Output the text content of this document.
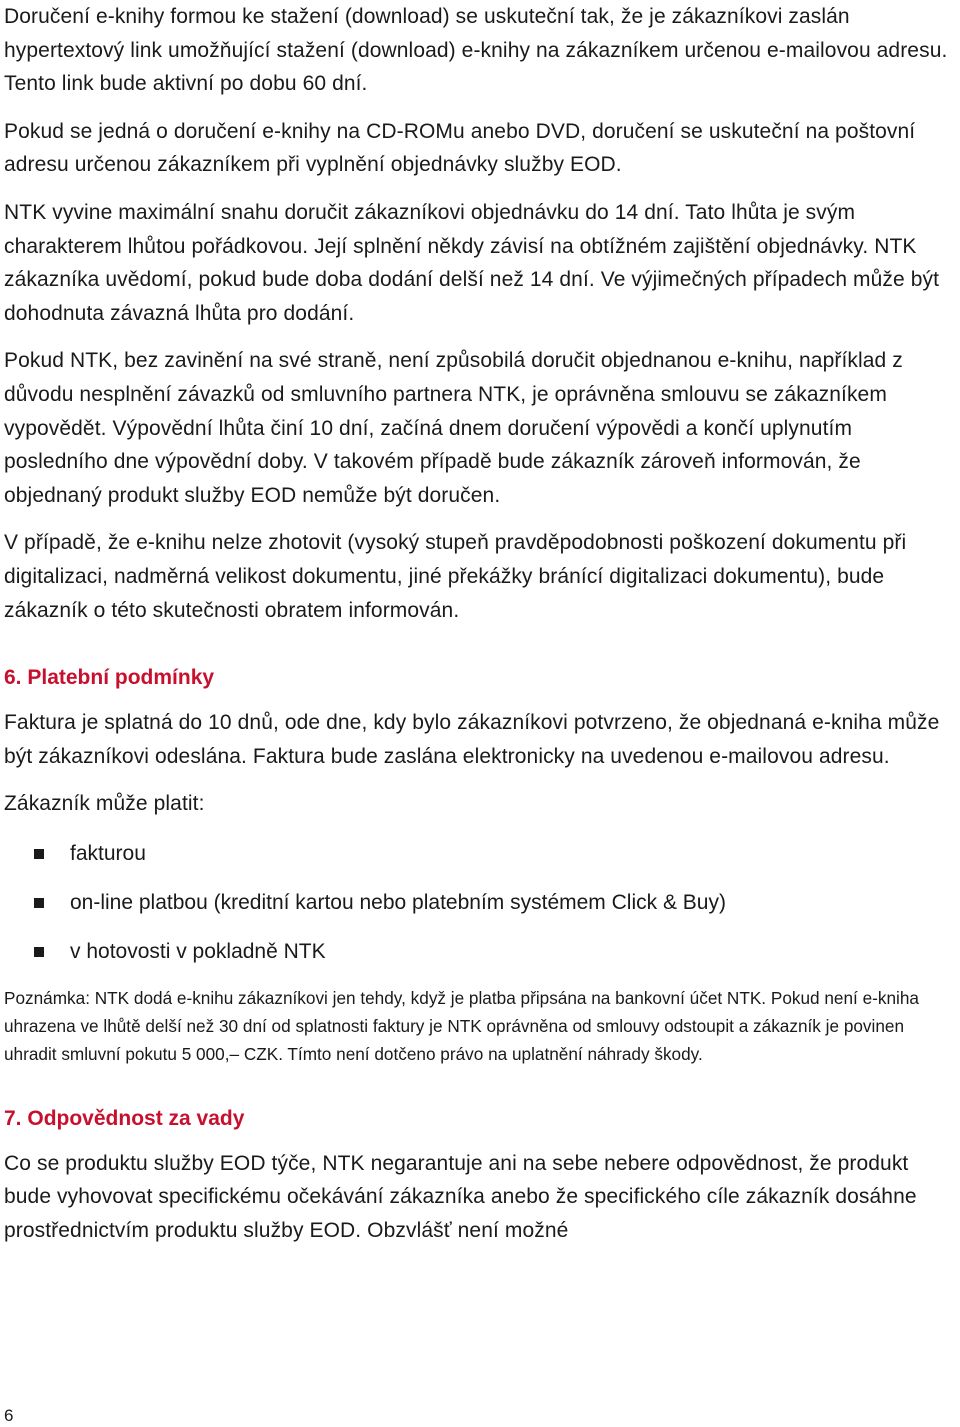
Doručení e-knihy formou ke stažení (download) se uskuteční tak, že je zákazníkovi zaslán hypertextový link umožňující stažení (download) e-knihy na zákazníkem určenou e-mailovou adresu. Tento link bude aktivní po dobu 60 dní.

Pokud se jedná o doručení e-knihy na CD-ROMu anebo DVD, doručení se uskuteční na poštovní adresu určenou zákazníkem při vyplnění objednávky služby EOD.

NTK vyvine maximální snahu doručit zákazníkovi objednávku do 14 dní. Tato lhůta je svým charakterem lhůtou pořádkovou. Její splnění někdy závisí na obtížném zajištění objednávky. NTK zákazníka uvědomí, pokud bude doba dodání delší než 14 dní. Ve výjimečných případech může být dohodnuta závazná lhůta pro dodání.

Pokud NTK, bez zavinění na své straně, není způsobilá doručit objednanou e-knihu, například z důvodu nesplnění závazků od smluvního partnera NTK, je oprávněna smlouvu se zákazníkem vypovědět. Výpovědní lhůta činí 10 dní, začíná dnem doručení výpovědi a končí uplynutím posledního dne výpovědní doby. V takovém případě bude zákazník zároveň informován, že objednaný produkt služby EOD nemůže být doručen.

V případě, že e-knihu nelze zhotovit (vysoký stupeň pravděpodobnosti poškození dokumentu při digitalizaci, nadměrná velikost dokumentu, jiné překážky bránící digitalizaci dokumentu), bude zákazník o této skutečnosti obratem informován.

6. Platební podmínky

Faktura je splatná do 10 dnů, ode dne, kdy bylo zákazníkovi potvrzeno, že objednaná e-kniha může být zákazníkovi odeslána. Faktura bude zaslána elektronicky na uvedenou e-mailovou adresu.

Zákazník může platit:

fakturou
on-line platbou (kreditní kartou nebo platebním systémem Click & Buy)
v hotovosti v pokladně NTK

Poznámka: NTK dodá e-knihu zákazníkovi jen tehdy, když je platba připsána na bankovní účet NTK. Pokud není e-kniha uhrazena ve lhůtě delší než 30 dní od splatnosti faktury je NTK oprávněna od smlouvy odstoupit a zákazník je povinen uhradit smluvní pokutu 5 000,– CZK. Tímto není dotčeno právo na uplatnění náhrady škody.

7. Odpovědnost za vady

Co se produktu služby EOD týče, NTK negarantuje ani na sebe nebere odpovědnost, že produkt bude vyhovovat specifickému očekávání zákazníka anebo že specifického cíle zákazník dosáhne prostřednictvím produktu služby EOD. Obzvlášť není možné

6
